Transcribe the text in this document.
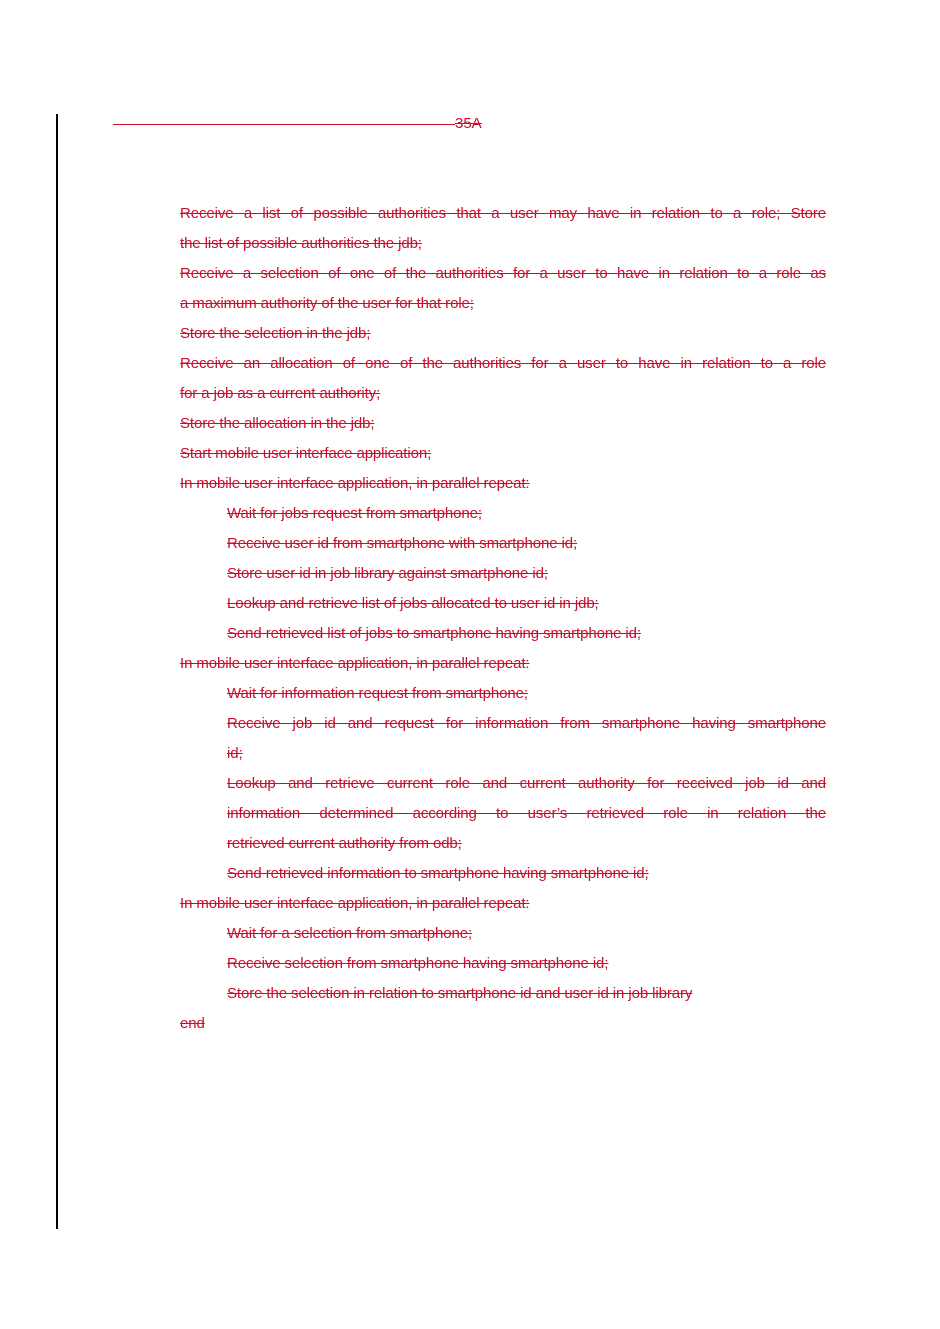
35A
Receive a list of possible authorities that a user may have in relation to a role; Store
the list of possible authorities the jdb;
Receive a selection of one of the authorities for a user to have in relation to a role as
a maximum authority of the user for that role;
Store the selection in the jdb;
Receive an allocation of one of the authorities for a user to have in relation to a role
for a job as a current authority;
Store the allocation in the jdb;
Start mobile user interface application;
In mobile user interface application, in parallel repeat:
Wait for jobs request from smartphone;
Receive user id from smartphone with smartphone id;
Store user id in job library against smartphone id;
Lookup and retrieve list of jobs allocated to user id in jdb;
Send retrieved list of jobs to smartphone having smartphone id;
In mobile user interface application, in parallel repeat:
Wait for information request from smartphone;
Receive job id and request for information from smartphone having smartphone
id;
Lookup and retrieve current role and current authority for received job id and
information determined according to user’s retrieved role in relation the
retrieved current authority from odb;
Send retrieved information to smartphone having smartphone id;
In mobile user interface application, in parallel repeat:
Wait for a selection from smartphone;
Receive selection from smartphone having smartphone id;
Store the selection in relation to smartphone id and user id in job library
end
